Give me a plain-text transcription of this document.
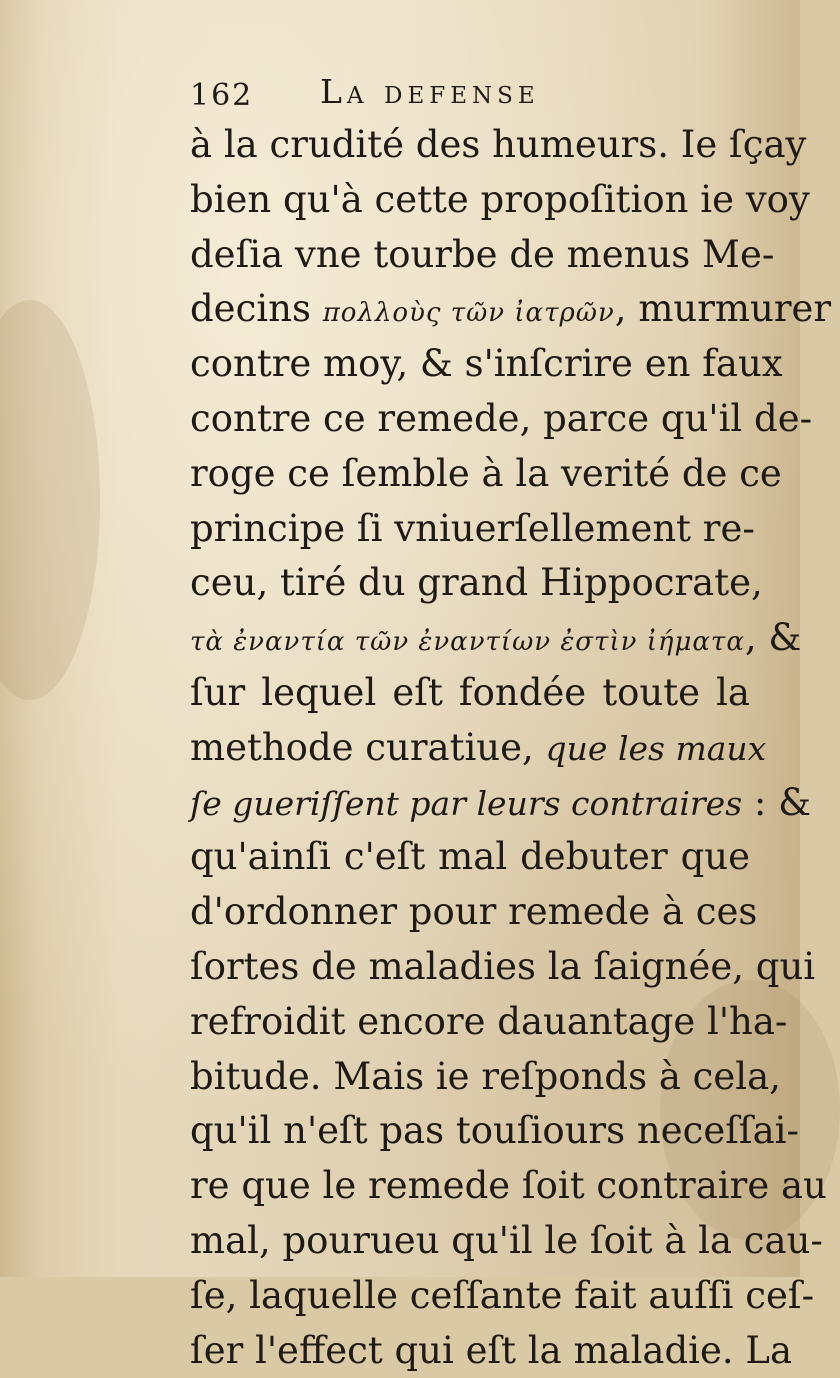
162 La defense
à la crudité des humeurs. Ie ſçay
bien qu'à cette propoſition ie voy
deſia vne tourbe de menus Me-
decins πολλοὺς τῶν ἰατρῶν, murmurer
contre moy, & s'inſcrire en faux
contre ce remede, parce qu'il de-
roge ce ſemble à la verité de ce
principe ſi vniuerſellement re-
ceu, tiré du grand Hippocrate,
τὰ ἐναντία τῶν ἐναντίων ἐστὶν ἰήματα, &
ſur lequel eſt fondée toute la
methode curatiue, que les maux
ſe gueriſſent par leurs contraires : &
qu'ainſi c'eſt mal debuter que
d'ordonner pour remede à ces
ſortes de maladies la ſaignée, qui
refroidit encore dauantage l'ha-
bitude. Mais ie reſponds à cela,
qu'il n'eſt pas touſiours neceſſai-
re que le remede ſoit contraire au
mal, pourueu qu'il le ſoit à la cau-
ſe, laquelle ceſſante fait auſſi ceſ-
ſer l'effect qui eſt la maladie. La
